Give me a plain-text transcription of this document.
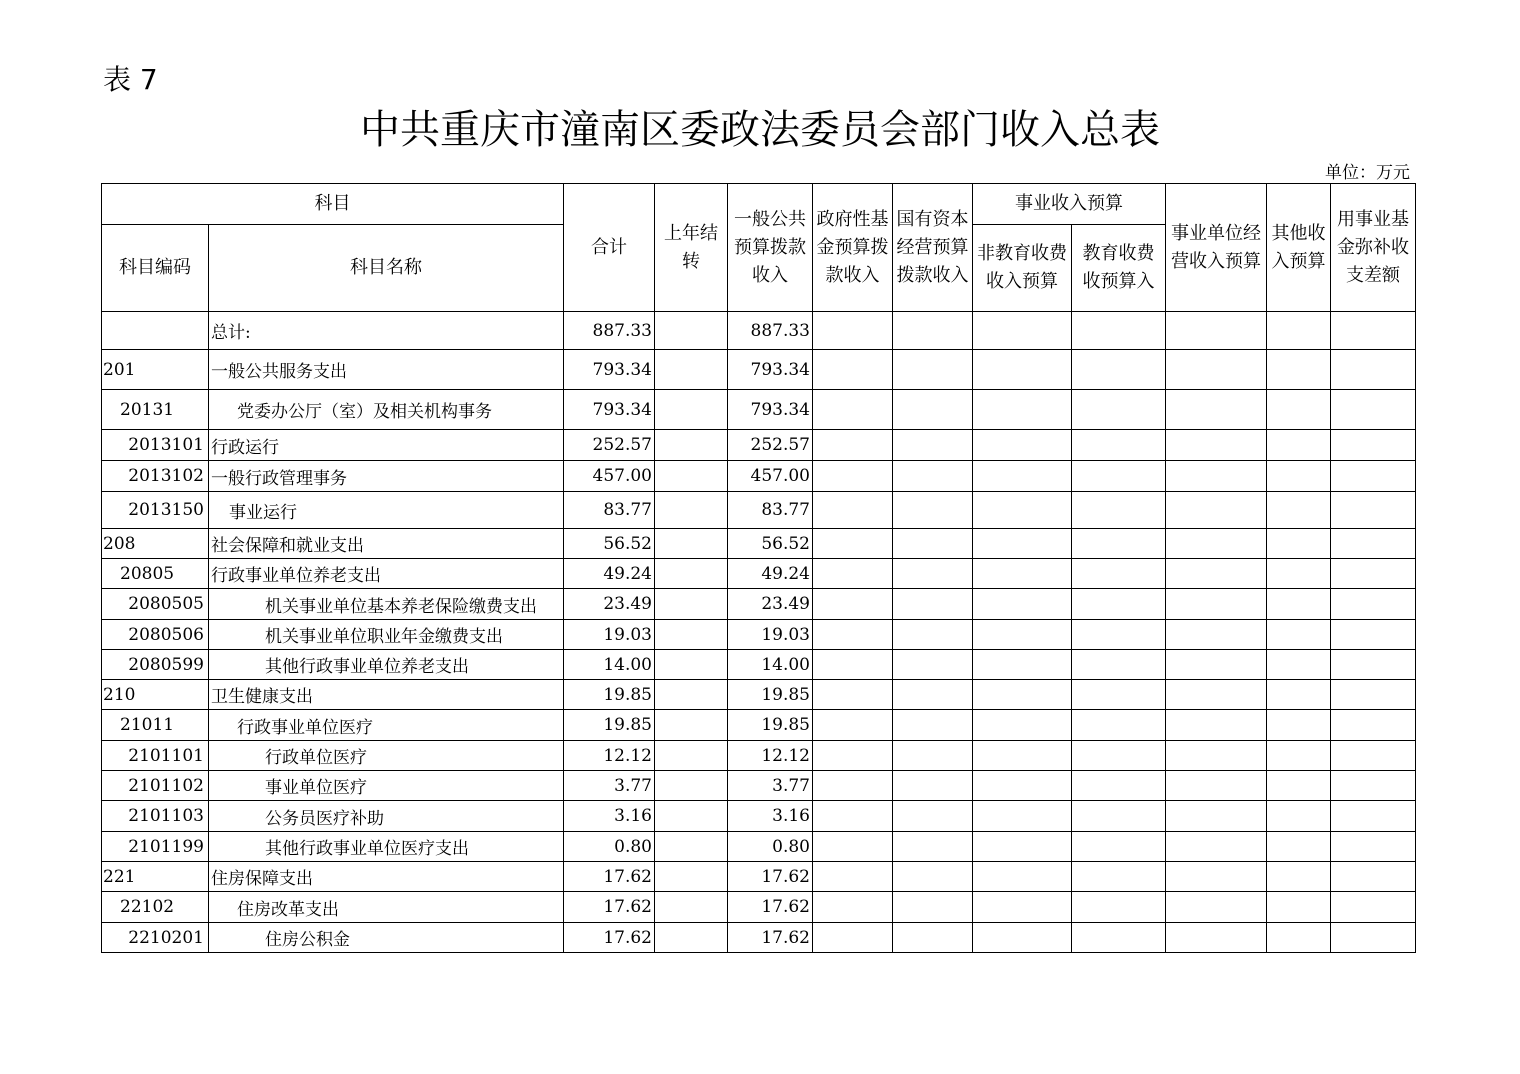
表 7
中共重庆市潼南区委政法委员会部门收入总表
单位：万元
科目		合计	上年结转	一般公共预算拨款收入	政府性基金预算拨款收入	国有资本经营预算拨款收入	事业收入预算		事业单位经营收入预算	其他收入预算	用事业基金弥补收支差额
科目编码	科目名称						非教育收费收入预算	教育收费收预算入			
	总计:	887.33		887.33							
201	一般公共服务支出	793.34		793.34							
20131	党委办公厅（室）及相关机构事务	793.34		793.34							
2013101	行政运行	252.57		252.57							
2013102	一般行政管理事务	457.00		457.00							
2013150	事业运行	83.77		83.77							
208	社会保障和就业支出	56.52		56.52							
20805	行政事业单位养老支出	49.24		49.24							
2080505	机关事业单位基本养老保险缴费支出	23.49		23.49							
2080506	机关事业单位职业年金缴费支出	19.03		19.03							
2080599	其他行政事业单位养老支出	14.00		14.00							
210	卫生健康支出	19.85		19.85							
21011	行政事业单位医疗	19.85		19.85							
2101101	行政单位医疗	12.12		12.12							
2101102	事业单位医疗	3.77		3.77							
2101103	公务员医疗补助	3.16		3.16							
2101199	其他行政事业单位医疗支出	0.80		0.80							
221	住房保障支出	17.62		17.62							
22102	住房改革支出	17.62		17.62							
2210201	住房公积金	17.62		17.62							
